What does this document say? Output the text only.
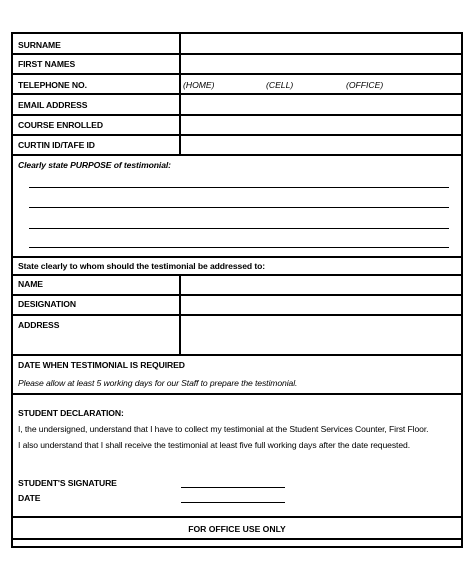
SURNAME
FIRST NAMES
TELEPHONE NO.	(HOME)	(CELL)	(OFFICE)
EMAIL ADDRESS
COURSE ENROLLED
CURTIN ID/TAFE ID
Clearly state PURPOSE of testimonial:
State clearly to whom should the testimonial be addressed to:
NAME
DESIGNATION
ADDRESS
DATE WHEN TESTIMONIAL IS REQUIRED
Please allow at least 5 working days for our Staff to prepare the testimonial.
STUDENT DECLARATION:
I, the undersigned, understand that I have to collect my testimonial at the Student Services Counter, First Floor.
I also understand that I shall receive the testimonial at least five full working days after the date requested.
STUDENT'S SIGNATURE
DATE
FOR OFFICE USE ONLY
